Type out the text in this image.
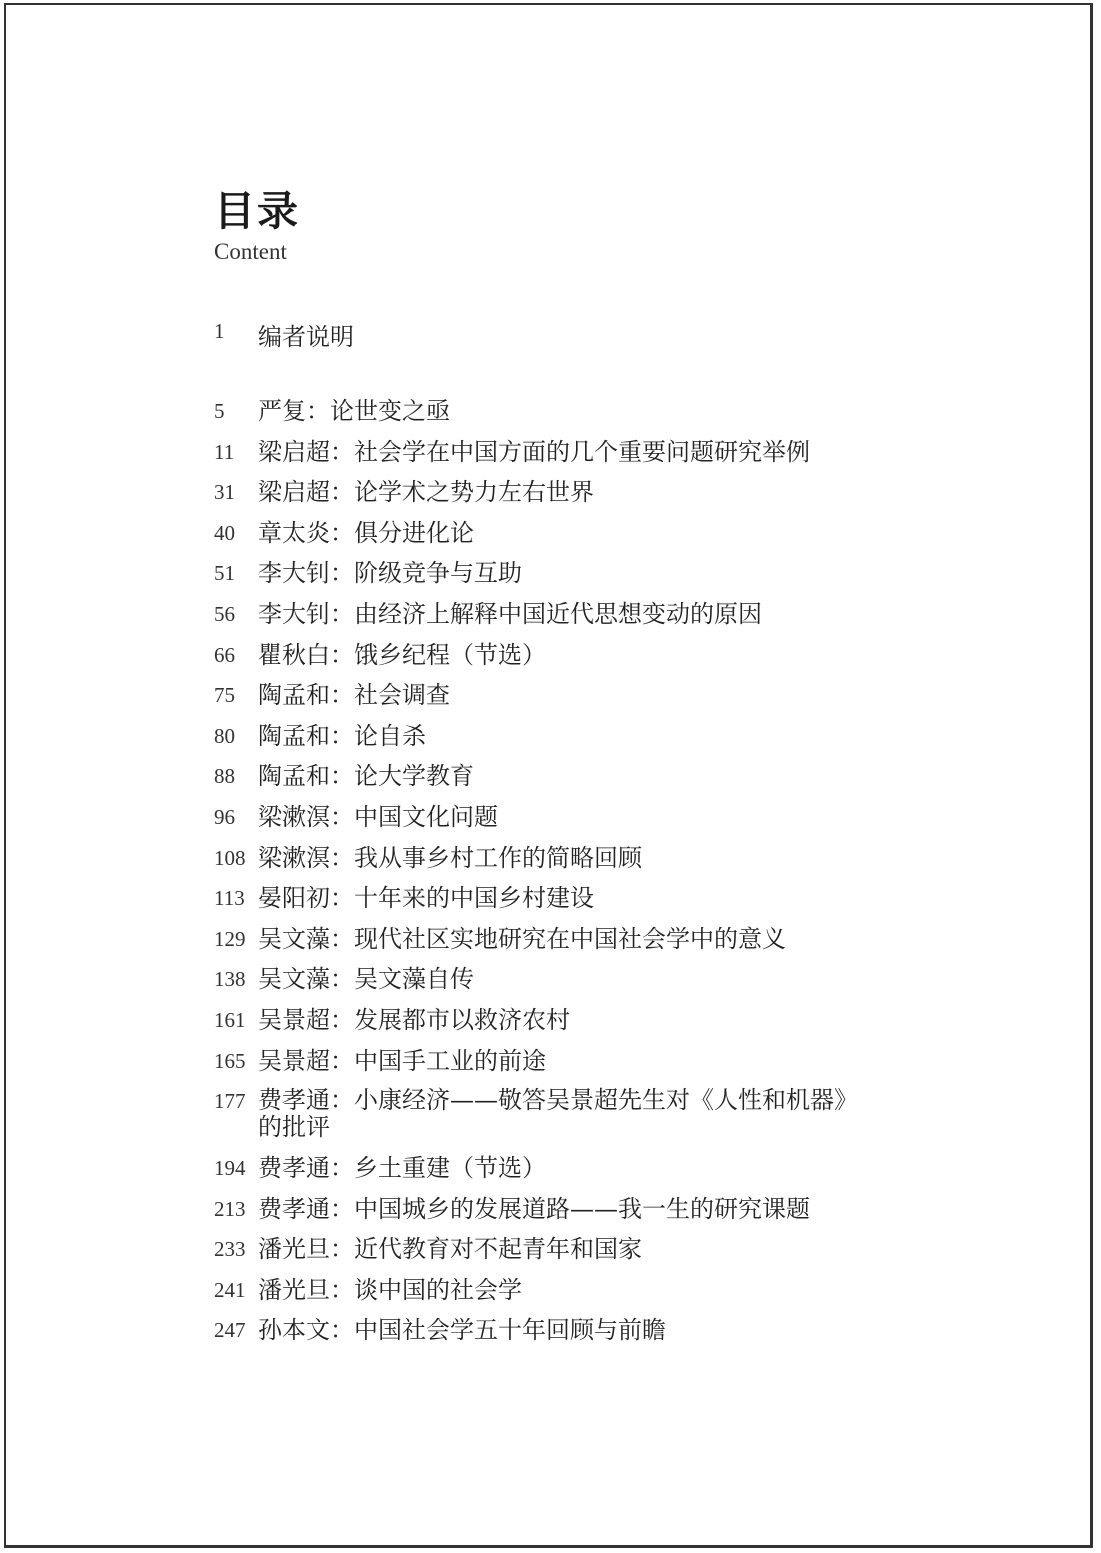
目录
Content
1	编者说明
5	严复：论世变之亟
11 梁启超：社会学在中国方面的几个重要问题研究举例
31 梁启超：论学术之势力左右世界
40 章太炎：俱分进化论
51 李大钊：阶级竞争与互助
56 李大钊：由经济上解释中国近代思想变动的原因
66 瞿秋白：饿乡纪程（节选）
75 陶孟和：社会调查
80 陶孟和：论自杀
88 陶孟和：论大学教育
96 梁漱溟：中国文化问题
108 梁漱溟：我从事乡村工作的简略回顾
113 晏阳初：十年来的中国乡村建设
129 吴文藻：现代社区实地研究在中国社会学中的意义
138 吴文藻：吴文藻自传
161 吴景超：发展都市以救济农村
165 吴景超：中国手工业的前途
177 费孝通：小康经济——敬答吴景超先生对《人性和机器》的批评
194 费孝通：乡土重建（节选）
213 费孝通：中国城乡的发展道路——我一生的研究课题
233 潘光旦：近代教育对不起青年和国家
241 潘光旦：谈中国的社会学
247 孙本文：中国社会学五十年回顾与前瞻
